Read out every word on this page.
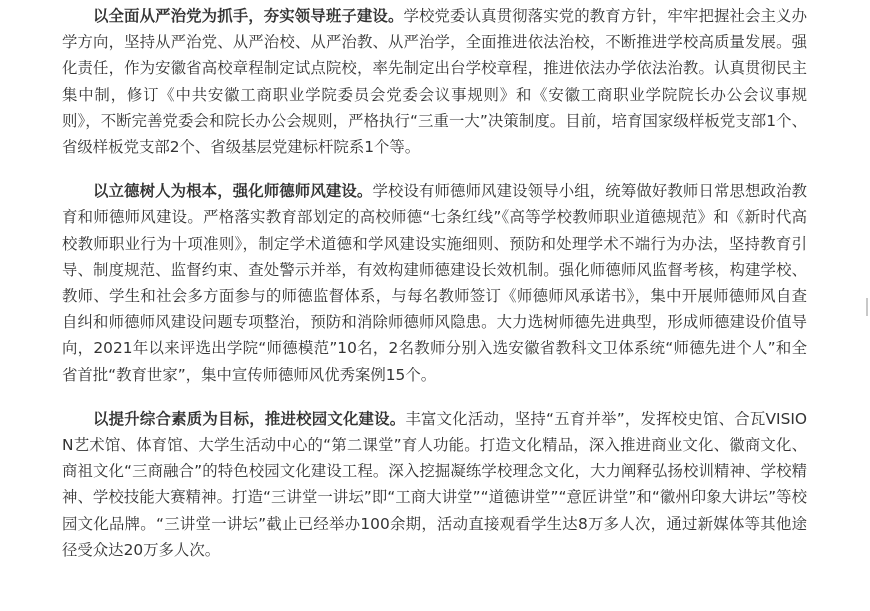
以全面从严治党为抓手，夯实领导班子建设。学校党委认真贯彻落实党的教育方针，牢牢把握社会主义办学方向，坚持从严治党、从严治校、从严治教、从严治学，全面推进依法治校，不断推进学校高质量发展。强化责任，作为安徽省高校章程制定试点院校，率先制定出台学校章程，推进依法办学依法治教。认真贯彻民主集中制，修订《中共安徽工商职业学院委员会党委会议事规则》和《安徽工商职业学院院长办公会议事规则》，不断完善党委会和院长办公会规则，严格执行“三重一大”决策制度。目前，培育国家级样板党支部1个、省级样板党支部2个、省级基层党建标杆院系1个等。

以立德树人为根本，强化师德师风建设。学校设有师德师风建设领导小组，统筹做好教师日常思想政治教育和师德师风建设。严格落实教育部划定的高校师德“七条红线”《高等学校教师职业道德规范》和《新时代高校教师职业行为十项准则》，制定学术道德和学风建设实施细则、预防和处理学术不端行为办法，坚持教育引导、制度规范、监督约束、查处警示并举，有效构建师德建设长效机制。强化师德师风监督考核，构建学校、教师、学生和社会多方面参与的师德监督体系，与每名教师签订《师德师风承诺书》，集中开展师德师风自查自纠和师德师风建设问题专项整治，预防和消除师德师风隐患。大力选树师德先进典型，形成师德建设价值导向，2021年以来评选出学院“师德模范”10名，2名教师分别入选安徽省教科文卫体系统“师德先进个人”和全省首批“教育世家”，集中宣传师德师风优秀案例15个。

以提升综合素质为目标，推进校园文化建设。丰富文化活动，坚持“五育并举”，发挥校史馆、合瓦VISION艺术馆、体育馆、大学生活动中心的“第二课堂”育人功能。打造文化精品，深入推进商业文化、徽商文化、商祖文化“三商融合”的特色校园文化建设工程。深入挖掘凝练学校理念文化，大力阐释弘扬校训精神、学校精神、学校技能大赛精神。打造“三讲堂一讲坛”即“工商大讲堂”“道德讲堂”“意匠讲堂”和“徽州印象大讲坛”等校园文化品牌。“三讲堂一讲坛”截止已经举办100余期，活动直接观看学生达8万多人次，通过新媒体等其他途径受众达20万多人次。
